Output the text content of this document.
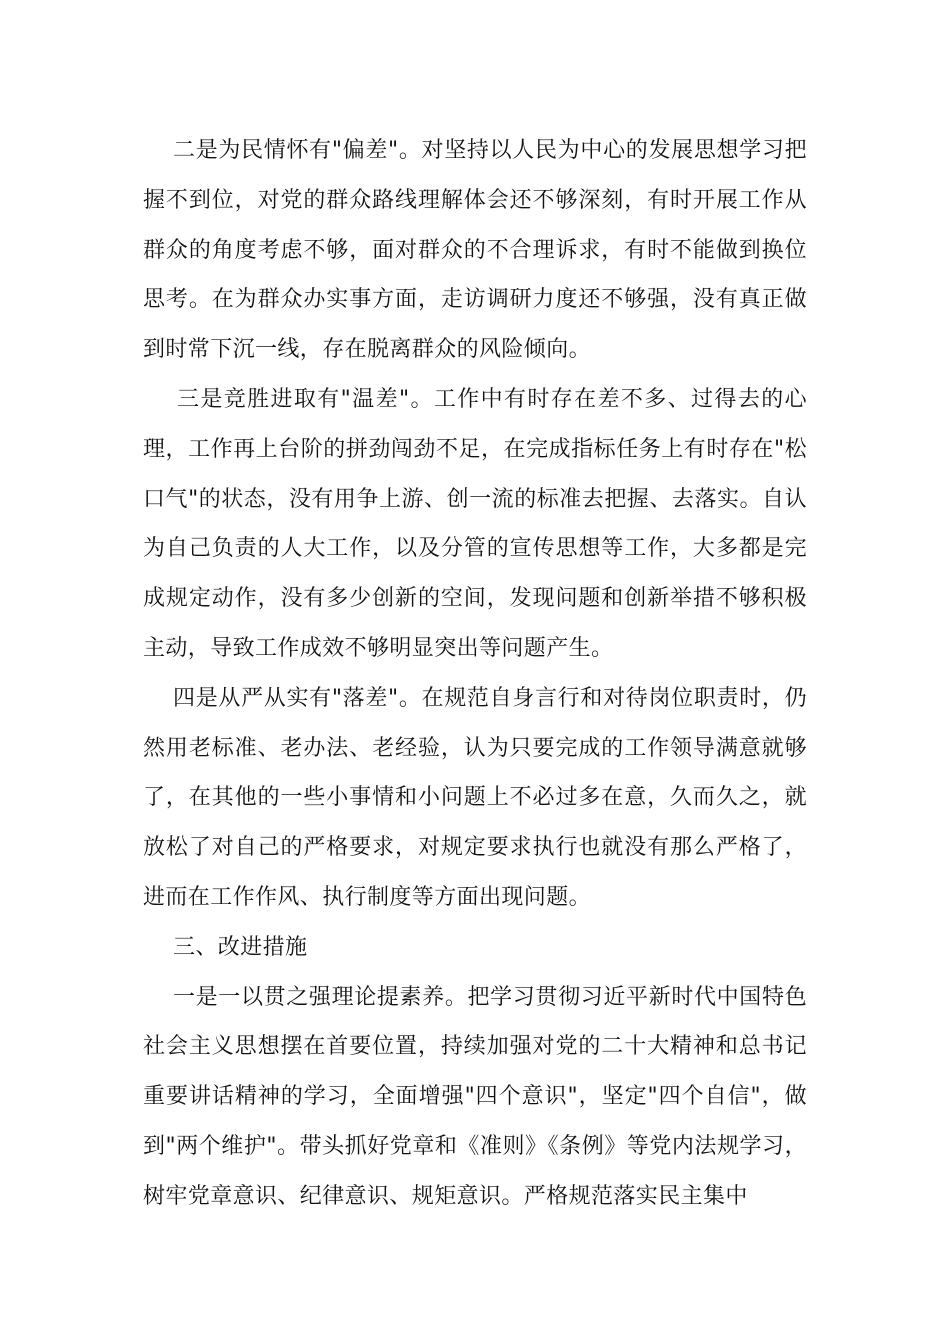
二是为民情怀有"偏差"。对坚持以人民为中心的发展思想学习把握不到位，对党的群众路线理解体会还不够深刻，有时开展工作从群众的角度考虑不够，面对群众的不合理诉求，有时不能做到换位思考。在为群众办实事方面，走访调研力度还不够强，没有真正做到时常下沉一线，存在脱离群众的风险倾向。

三是竞胜进取有"温差"。工作中有时存在差不多、过得去的心理，工作再上台阶的拼劲闯劲不足，在完成指标任务上有时存在"松口气"的状态，没有用争上游、创一流的标准去把握、去落实。自认为自己负责的人大工作，以及分管的宣传思想等工作，大多都是完成规定动作，没有多少创新的空间，发现问题和创新举措不够积极主动，导致工作成效不够明显突出等问题产生。

四是从严从实有"落差"。在规范自身言行和对待岗位职责时，仍然用老标准、老办法、老经验，认为只要完成的工作领导满意就够了，在其他的一些小事情和小问题上不必过多在意，久而久之，就放松了对自己的严格要求，对规定要求执行也就没有那么严格了，进而在工作作风、执行制度等方面出现问题。

三、改进措施

一是一以贯之强理论提素养。把学习贯彻习近平新时代中国特色社会主义思想摆在首要位置，持续加强对党的二十大精神和总书记重要讲话精神的学习，全面增强"四个意识"，坚定"四个自信"，做到"两个维护"。带头抓好党章和《准则》《条例》等党内法规学习，树牢党章意识、纪律意识、规矩意识。严格规范落实民主集中
